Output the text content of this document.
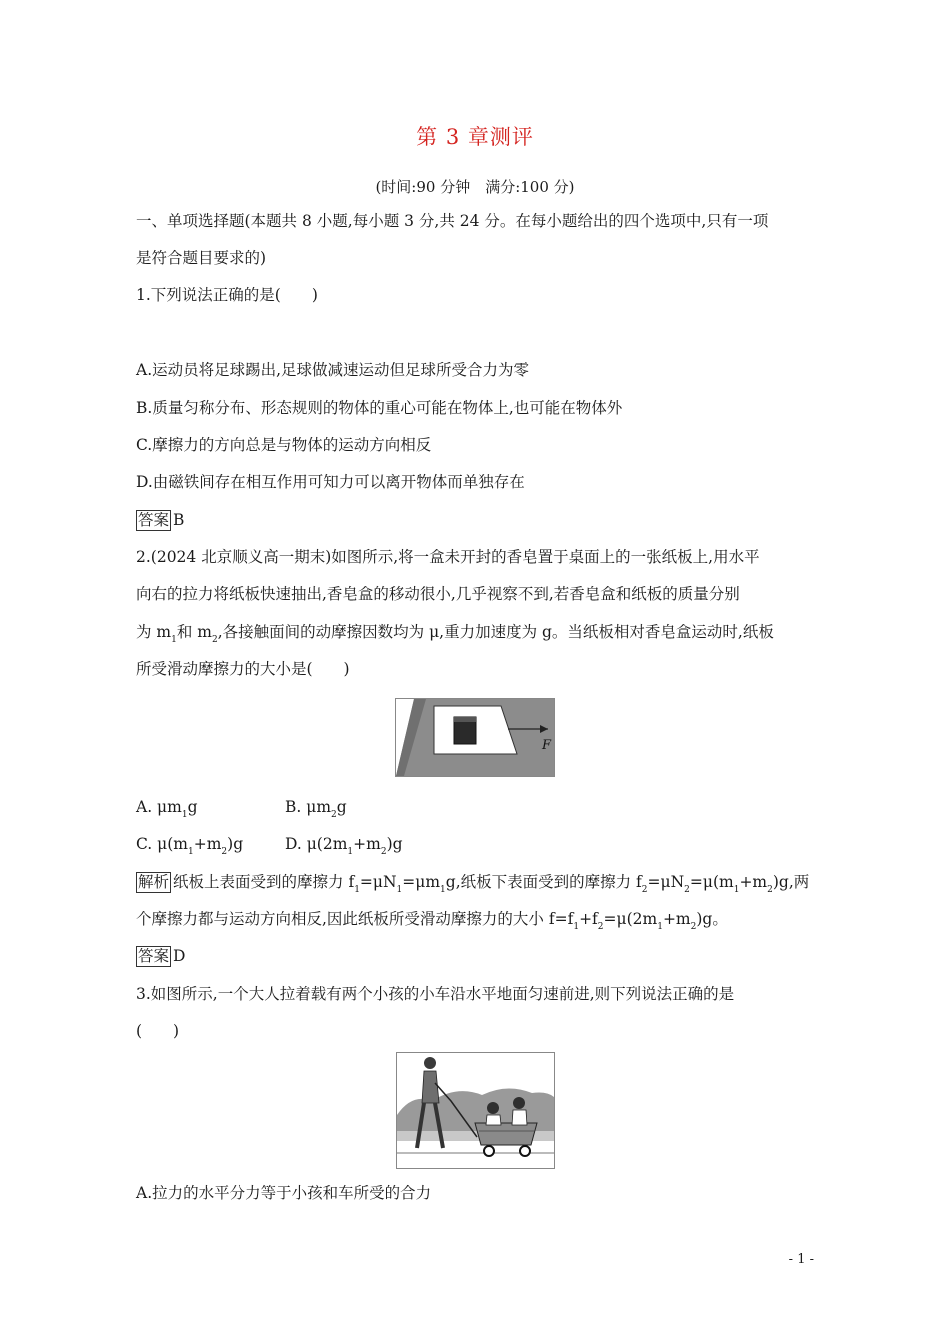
第 3 章测评
(时间:90 分钟　满分:100 分)
一、单项选择题(本题共 8 小题,每小题 3 分,共 24 分。在每小题给出的四个选项中,只有一项
是符合题目要求的)
1.下列说法正确的是(　　)
A.运动员将足球踢出,足球做减速运动但足球所受合力为零
B.质量匀称分布、形态规则的物体的重心可能在物体上,也可能在物体外
C.摩擦力的方向总是与物体的运动方向相反
D.由磁铁间存在相互作用可知力可以离开物体而单独存在
答案 B
2.(2024 北京顺义高一期末)如图所示,将一盒未开封的香皂置于桌面上的一张纸板上,用水平
向右的拉力将纸板快速抽出,香皂盒的移动很小,几乎视察不到,若香皂盒和纸板的质量分别
为 $m_1$和 $m_2$,各接触面间的动摩擦因数均为 μ,重力加速度为 g。当纸板相对香皂盒运动时,纸板
所受滑动摩擦力的大小是(　　)
F
A. $\mu m_1g$	B. $\mu m_2g$
C. $\mu(m_1+m_2)g$	D. $\mu(2m_1+m_2)g$
解析 纸板上表面受到的摩擦力 $f_1=\mu N_1=\mu m_1g$,纸板下表面受到的摩擦力 $f_2=\mu N_2=\mu(m_1+m_2)g$,两
个摩擦力都与运动方向相反,因此纸板所受滑动摩擦力的大小 $f=f_1+f_2=\mu(2m_1+m_2)g$。
答案 D
3.如图所示,一个大人拉着载有两个小孩的小车沿水平地面匀速前进,则下列说法正确的是
(　　)
A.拉力的水平分力等于小孩和车所受的合力
- 1 -
